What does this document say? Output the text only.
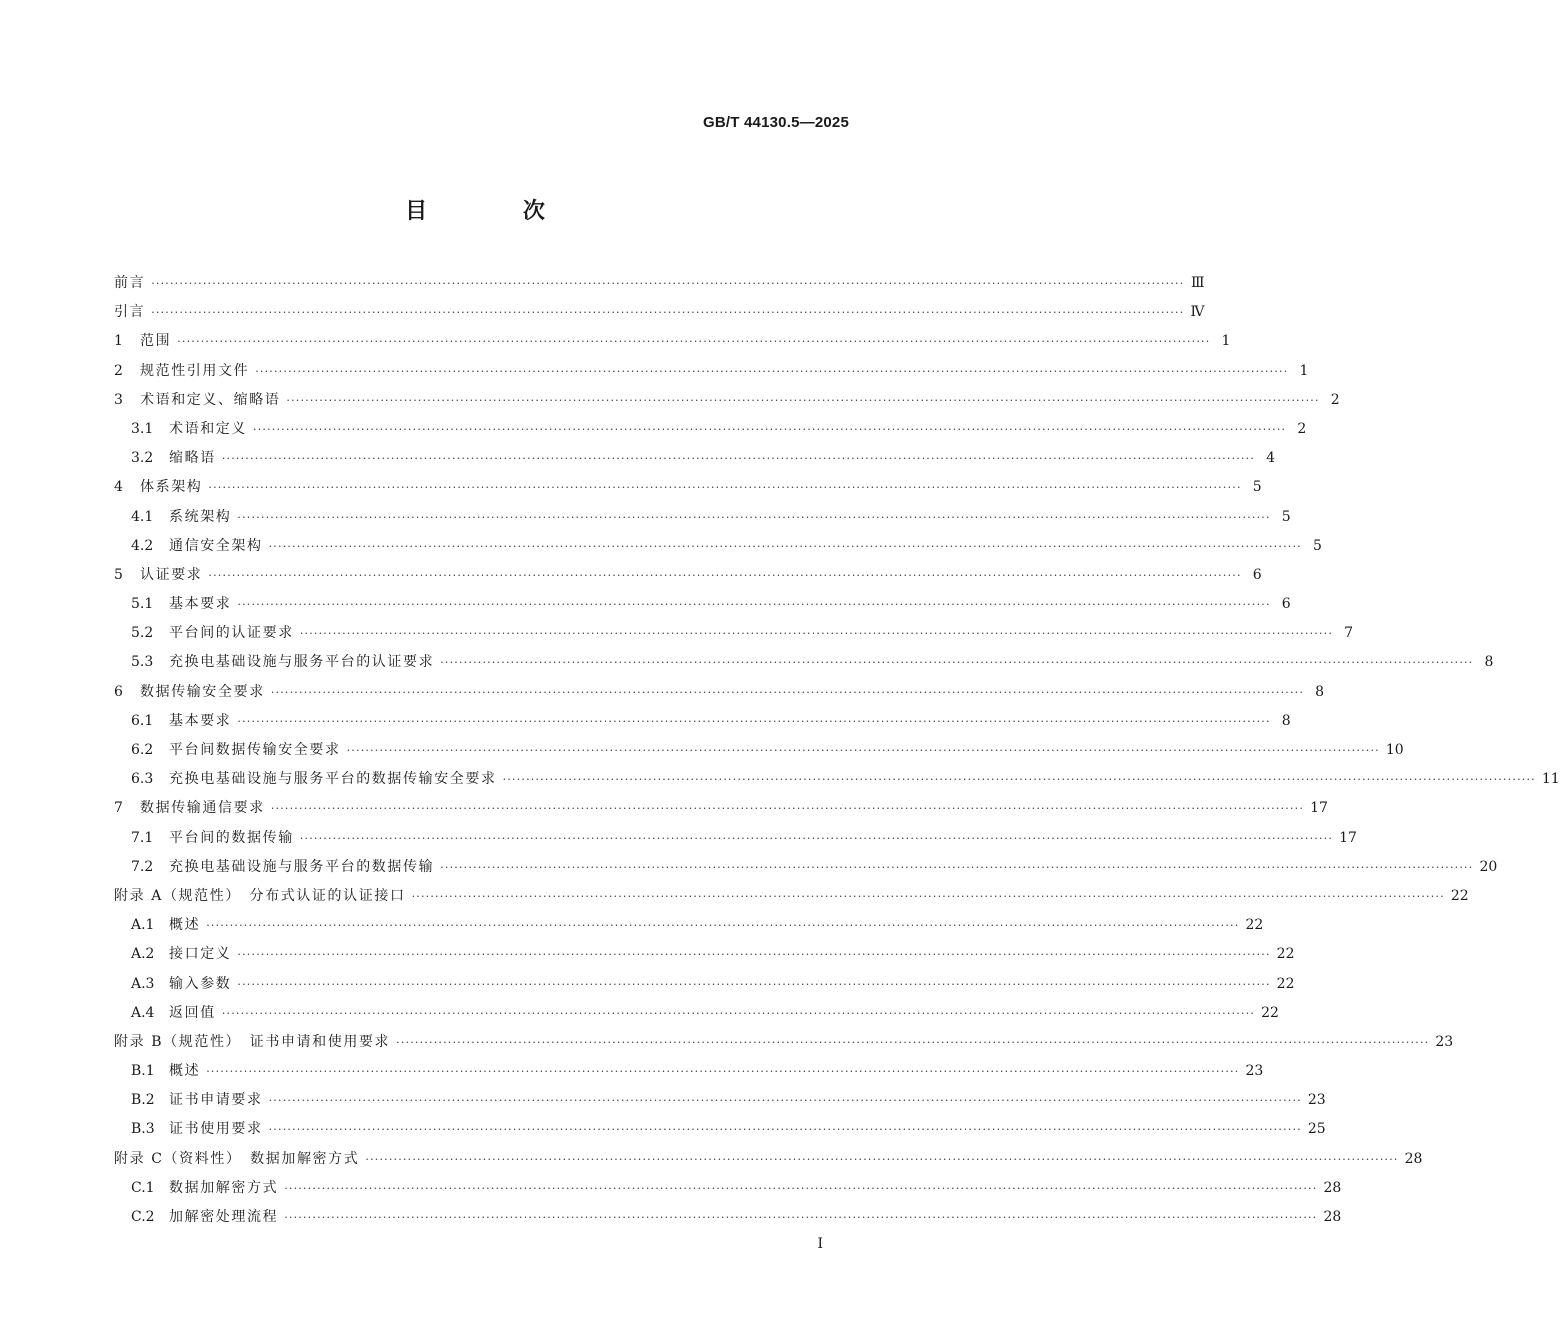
GB/T 44130.5—2025
目 次
前言 ···························································································································································································································· Ⅲ
引言 ···························································································································································································································· Ⅳ
1	范围 ···························································································································································································································· 1
2	规范性引用文件 ···························································································································································································································· 1
3	术语和定义、缩略语 ···························································································································································································································· 2
3.1	术语和定义 ···························································································································································································································· 2
3.2	缩略语 ···························································································································································································································· 4
4	体系架构 ···························································································································································································································· 5
4.1	系统架构 ···························································································································································································································· 5
4.2	通信安全架构 ···························································································································································································································· 5
5	认证要求 ···························································································································································································································· 6
5.1	基本要求 ···························································································································································································································· 6
5.2	平台间的认证要求 ···························································································································································································································· 7
5.3	充换电基础设施与服务平台的认证要求 ···························································································································································································································· 8
6	数据传输安全要求 ···························································································································································································································· 8
6.1	基本要求 ···························································································································································································································· 8
6.2	平台间数据传输安全要求 ···························································································································································································································· 10
6.3	充换电基础设施与服务平台的数据传输安全要求 ···························································································································································································································· 11
7	数据传输通信要求 ···························································································································································································································· 17
7.1	平台间的数据传输 ···························································································································································································································· 17
7.2	充换电基础设施与服务平台的数据传输 ···························································································································································································································· 20
附录 A（规范性）　分布式认证的认证接口 ···························································································································································································································· 22
A.1	概述 ···························································································································································································································· 22
A.2	接口定义 ···························································································································································································································· 22
A.3	输入参数 ···························································································································································································································· 22
A.4	返回值 ···························································································································································································································· 22
附录 B（规范性）　证书申请和使用要求 ···························································································································································································································· 23
B.1	概述 ···························································································································································································································· 23
B.2	证书申请要求 ···························································································································································································································· 23
B.3	证书使用要求 ···························································································································································································································· 25
附录 C（资料性）　数据加解密方式 ···························································································································································································································· 28
C.1	数据加解密方式 ···························································································································································································································· 28
C.2	加解密处理流程 ···························································································································································································································· 28
I
